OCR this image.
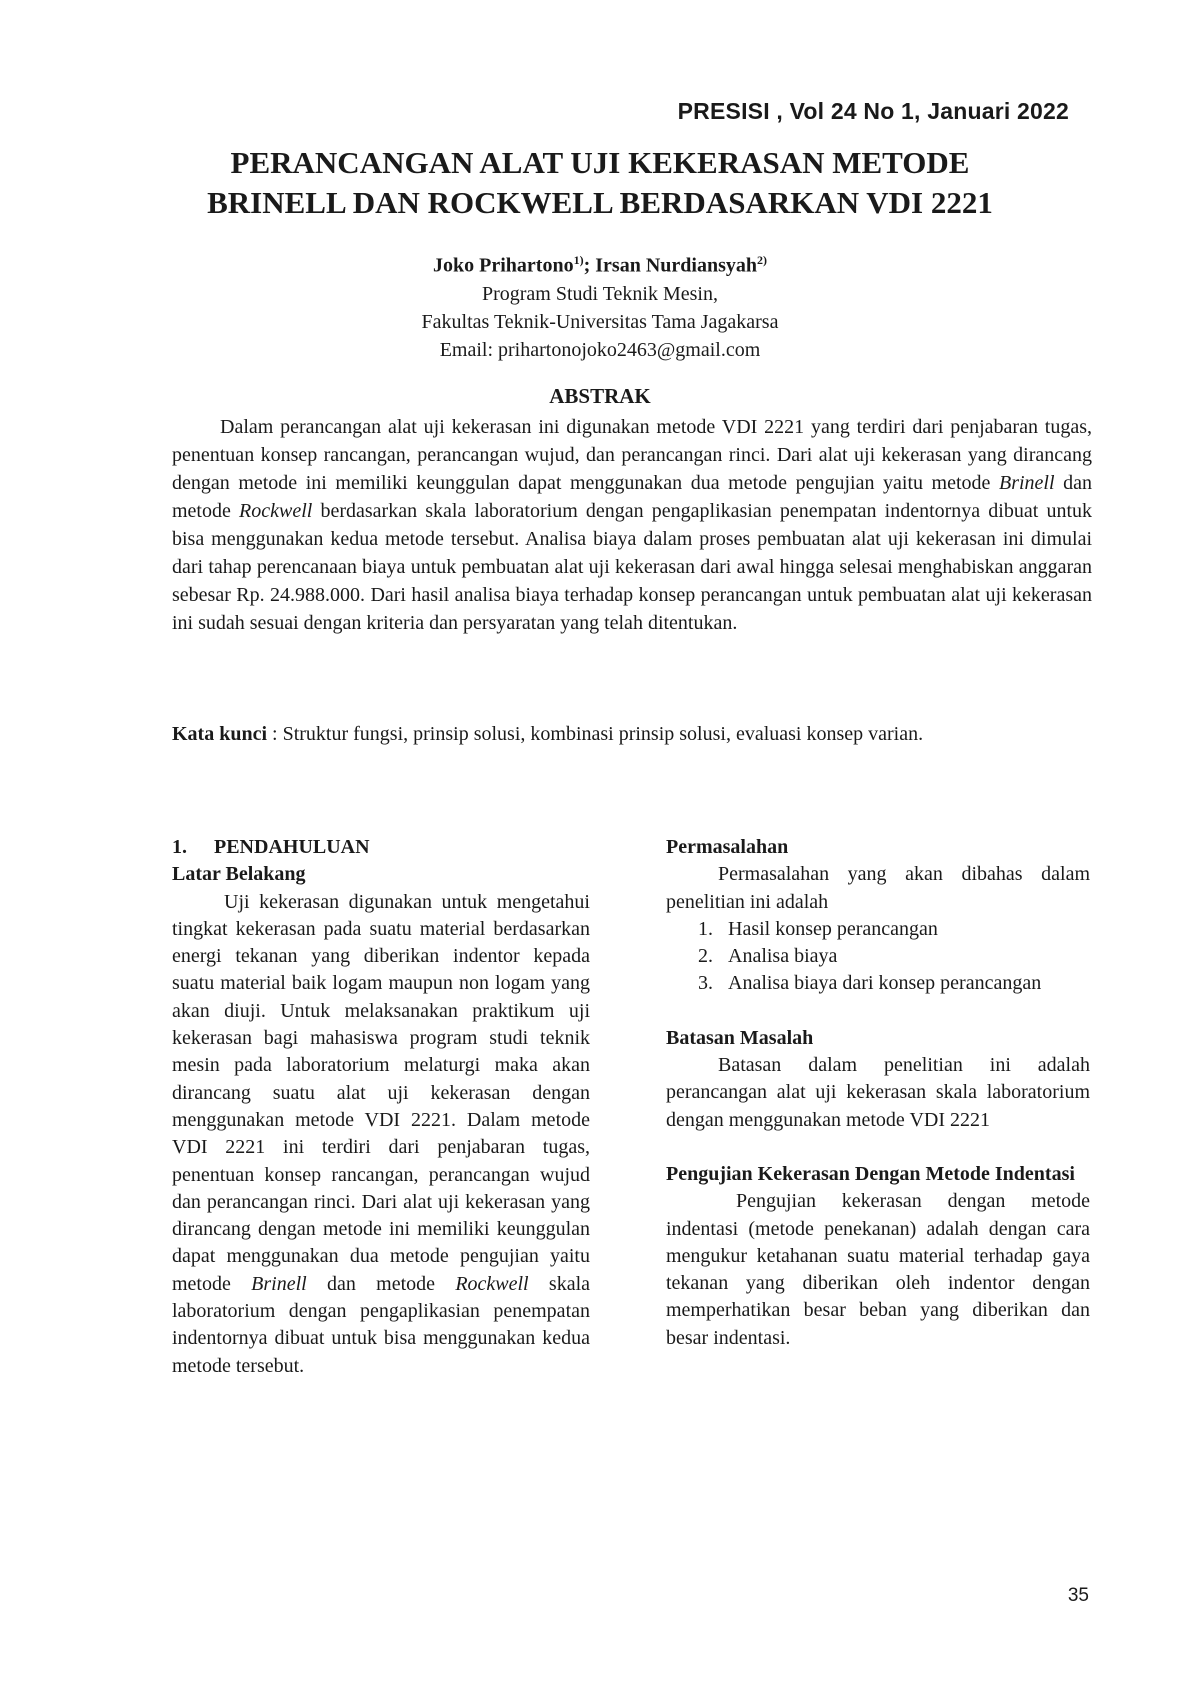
PRESISI , Vol 24 No 1, Januari 2022
PERANCANGAN ALAT UJI KEKERASAN METODE
BRINELL DAN ROCKWELL BERDASARKAN VDI 2221
Joko Prihartono$^{1)}$; Irsan Nurdiansyah$^{2)}$
Program Studi Teknik Mesin,
Fakultas Teknik-Universitas Tama Jagakarsa
Email: prihartonojoko2463@gmail.com
ABSTRAK

Dalam perancangan alat uji kekerasan ini digunakan metode VDI 2221 yang terdiri dari penjabaran tugas, penentuan konsep rancangan, perancangan wujud, dan perancangan rinci. Dari alat uji kekerasan yang dirancang dengan metode ini memiliki keunggulan dapat menggunakan dua metode pengujian yaitu metode Brinell dan metode Rockwell berdasarkan skala laboratorium dengan pengaplikasian penempatan indentornya dibuat untuk bisa menggunakan kedua metode tersebut. Analisa biaya dalam proses pembuatan alat uji kekerasan ini dimulai dari tahap perencanaan biaya untuk pembuatan alat uji kekerasan dari awal hingga selesai menghabiskan anggaran sebesar Rp. 24.988.000. Dari hasil analisa biaya terhadap konsep perancangan untuk pembuatan alat uji kekerasan ini sudah sesuai dengan kriteria dan persyaratan yang telah ditentukan.

Kata kunci : Struktur fungsi, prinsip solusi, kombinasi prinsip solusi, evaluasi konsep varian.

1. PENDAHULUAN

Latar Belakang

Uji kekerasan digunakan untuk mengetahui tingkat kekerasan pada suatu material berdasarkan energi tekanan yang diberikan indentor kepada suatu material baik logam maupun non logam yang akan diuji. Untuk melaksanakan praktikum uji kekerasan bagi mahasiswa program studi teknik mesin pada laboratorium melaturgi maka akan dirancang suatu alat uji kekerasan dengan menggunakan metode VDI 2221. Dalam metode VDI 2221 ini terdiri dari penjabaran tugas, penentuan konsep rancangan, perancangan wujud dan perancangan rinci. Dari alat uji kekerasan yang dirancang dengan metode ini memiliki keunggulan dapat menggunakan dua metode pengujian yaitu metode Brinell dan metode Rockwell skala laboratorium dengan pengaplikasian penempatan indentornya dibuat untuk bisa menggunakan kedua metode tersebut.

Permasalahan

Permasalahan yang akan dibahas dalam penelitian ini adalah

1. Hasil konsep perancangan
2. Analisa biaya
3. Analisa biaya dari konsep perancangan

Batasan Masalah

Batasan dalam penelitian ini adalah perancangan alat uji kekerasan skala laboratorium dengan menggunakan metode VDI 2221

Pengujian Kekerasan Dengan Metode Indentasi

Pengujian kekerasan dengan metode indentasi (metode penekanan) adalah dengan cara mengukur ketahanan suatu material terhadap gaya tekanan yang diberikan oleh indentor dengan memperhatikan besar beban yang diberikan dan besar indentasi.

35
